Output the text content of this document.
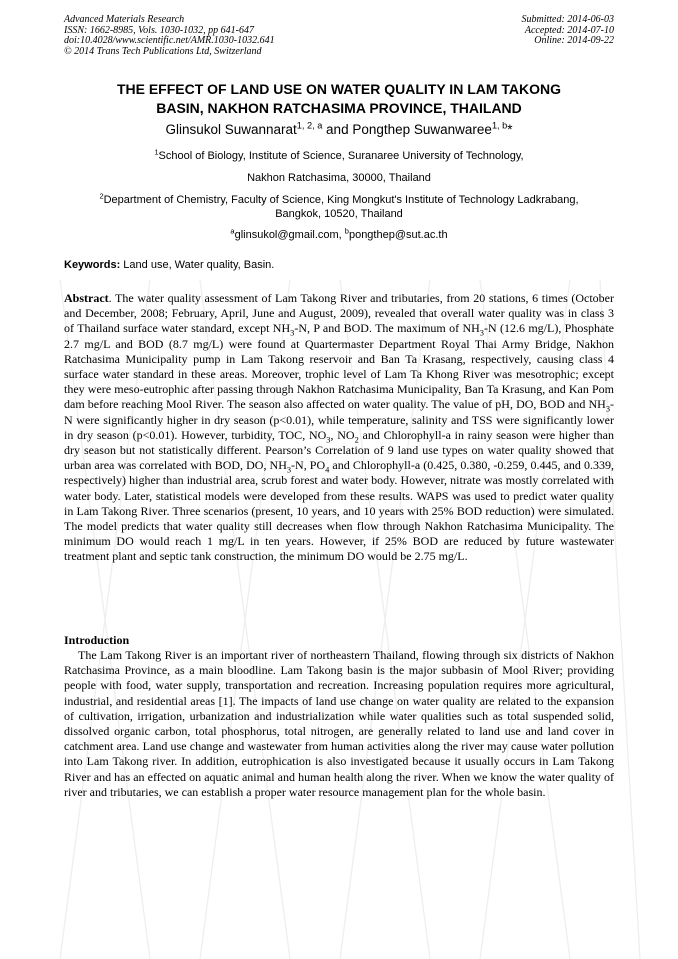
Advanced Materials Research
ISSN: 1662-8985, Vols. 1030-1032, pp 641-647
doi:10.4028/www.scientific.net/AMR.1030-1032.641
© 2014 Trans Tech Publications Ltd, Switzerland
Submitted: 2014-06-03
Accepted: 2014-07-10
Online: 2014-09-22
THE EFFECT OF LAND USE ON WATER QUALITY IN LAM TAKONG
BASIN, NAKHON RATCHASIMA PROVINCE, THAILAND
Glinsukol Suwannarat$^{1, 2, a}$ and Pongthep Suwanwaree$^{1, b}$*
$^1$School of Biology, Institute of Science, Suranaree University of Technology,
Nakhon Ratchasima, 30000, Thailand
$^2$Department of Chemistry, Faculty of Science, King Mongkut's Institute of Technology Ladkrabang,
Bangkok, 10520, Thailand
$^a$glinsukol@gmail.com, $^b$pongthep@sut.ac.th
Keywords: Land use, Water quality, Basin.

Abstract. The water quality assessment of Lam Takong River and tributaries, from 20 stations, 6 times (October and December, 2008; February, April, June and August, 2009), revealed that overall water quality was in class 3 of Thailand surface water standard, except $NH_3-N$, P and BOD. The maximum of $NH_3-N$ (12.6 mg/L), Phosphate 2.7 mg/L and BOD (8.7 mg/L) were found at Quartermaster Department Royal Thai Army Bridge, Nakhon Ratchasima Municipality pump in Lam Takong reservoir and Ban Ta Krasang, respectively, causing class 4 surface water standard in these areas. Moreover, trophic level of Lam Ta Khong River was mesotrophic; except they were meso-eutrophic after passing through Nakhon Ratchasima Municipality, Ban Ta Krasung, and Kan Pom dam before reaching Mool River. The season also affected on water quality. The value of pH, DO, BOD and $NH_3-N$ were significantly higher in dry season (p<0.01), while temperature, salinity and TSS were significantly lower in dry season (p<0.01). However, turbidity, TOC, $NO_3$, $NO_2$ and Chlorophyll-a in rainy season were higher than dry season but not statistically different. Pearson’s Correlation of 9 land use types on water quality showed that urban area was correlated with BOD, DO, $NH_3-N$, $PO_4$ and Chlorophyll-a (0.425, 0.380, -0.259, 0.445, and 0.339, respectively) higher than industrial area, scrub forest and water body. However, nitrate was mostly correlated with water body. Later, statistical models were developed from these results. WAPS was used to predict water quality in Lam Takong River. Three scenarios (present, 10 years, and 10 years with 25% BOD reduction) were simulated. The model predicts that water quality still decreases when flow through Nakhon Ratchasima Municipality. The minimum DO would reach 1 mg/L in ten years. However, if 25% BOD are reduced by future wastewater treatment plant and septic tank construction, the minimum DO would be 2.75 mg/L.

Introduction

The Lam Takong River is an important river of northeastern Thailand, flowing through six districts of Nakhon Ratchasima Province, as a main bloodline. Lam Takong basin is the major subbasin of Mool River; providing people with food, water supply, transportation and recreation. Increasing population requires more agricultural, industrial, and residential areas [1]. The impacts of land use change on water quality are related to the expansion of cultivation, irrigation, urbanization and industrialization while water qualities such as total suspended solid, dissolved organic carbon, total phosphorus, total nitrogen, are generally related to land use and land cover in catchment area. Land use change and wastewater from human activities along the river may cause water pollution into Lam Takong river. In addition, eutrophication is also investigated because it usually occurs in Lam Takong River and has an effected on aquatic animal and human health along the river. When we know the water quality of river and tributaries, we can establish a proper water resource management plan for the whole basin.
